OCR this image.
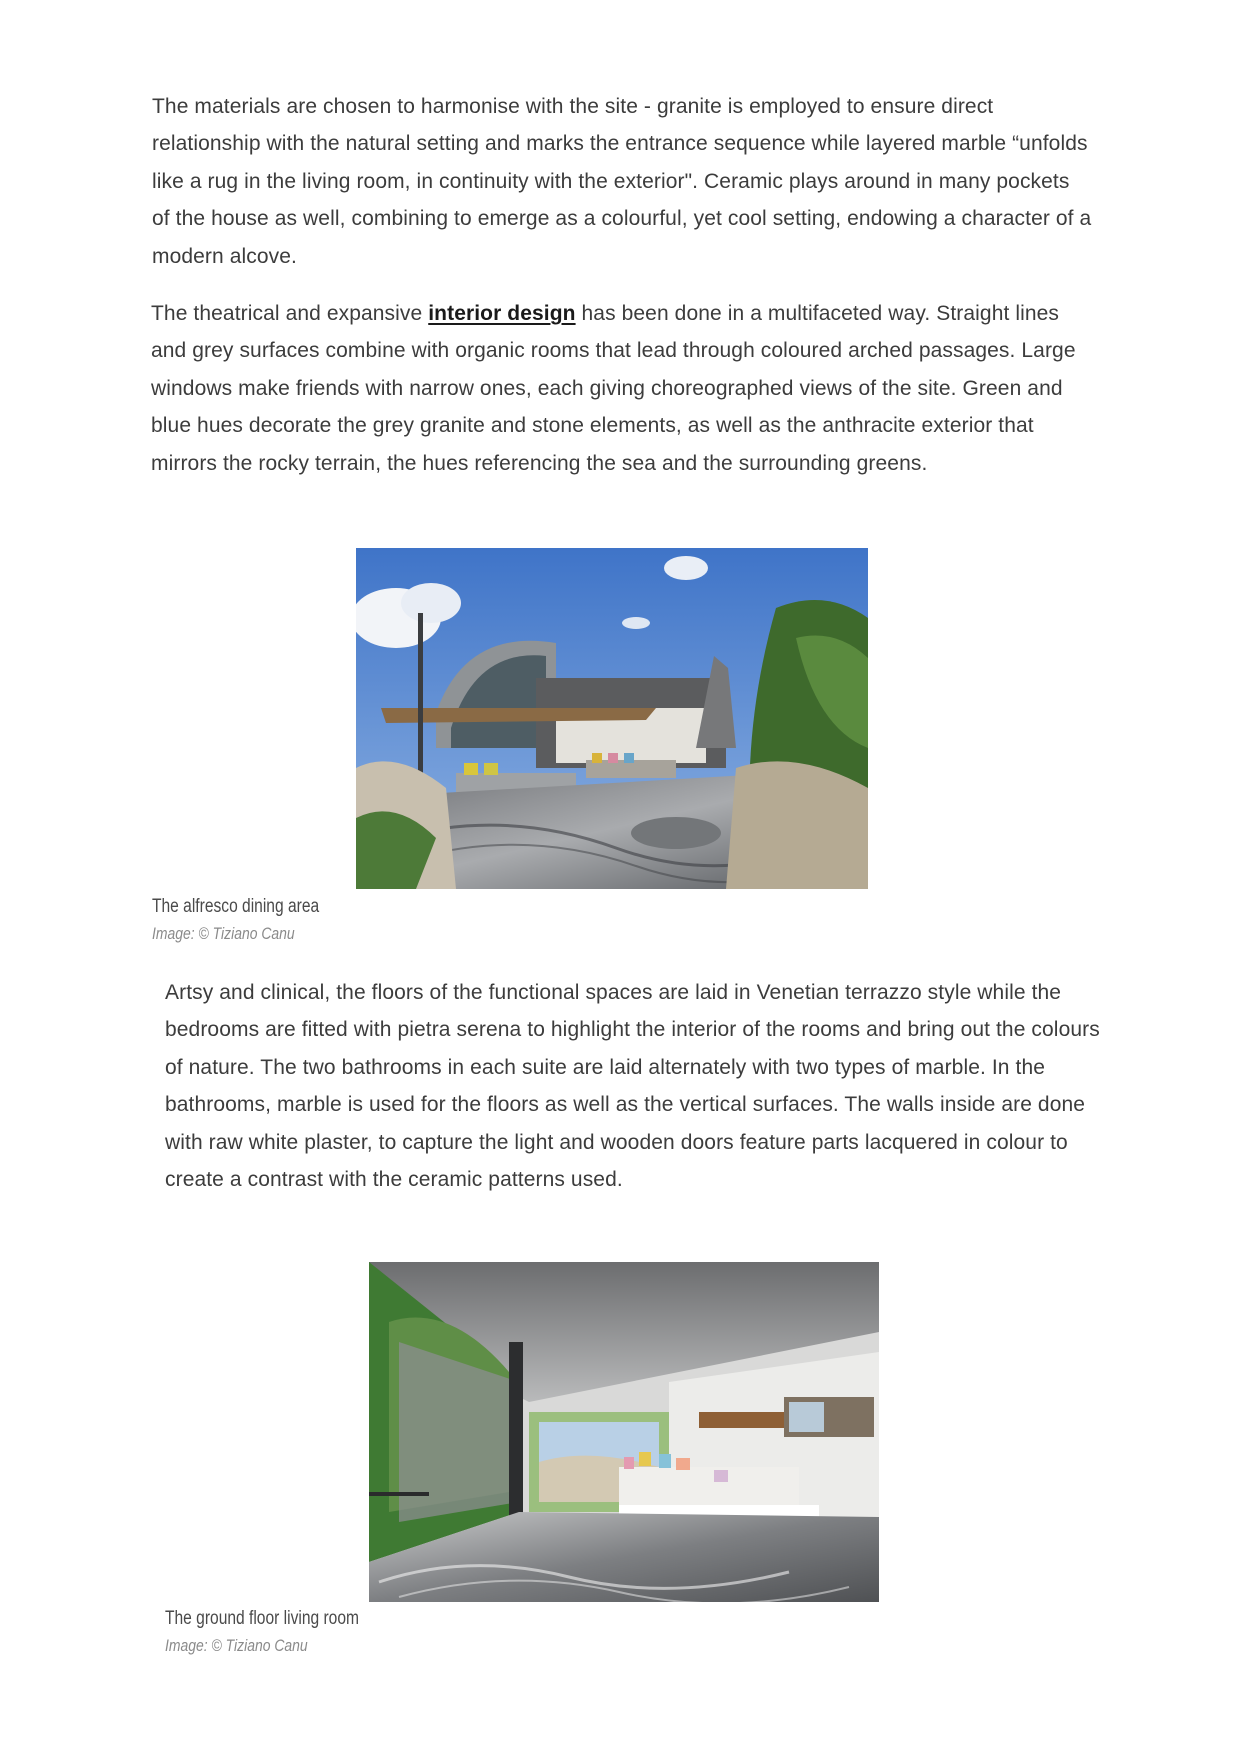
The materials are chosen to harmonise with the site - granite is employed to ensure direct relationship with the natural setting and marks the entrance sequence while layered marble “unfolds like a rug in the living room, in continuity with the exterior". Ceramic plays around in many pockets of the house as well, combining to emerge as a colourful, yet cool setting, endowing a character of a modern alcove.

The theatrical and expansive interior design has been done in a multifaceted way. Straight lines and grey surfaces combine with organic rooms that lead through coloured arched passages. Large windows make friends with narrow ones, each giving choreographed views of the site. Green and blue hues decorate the grey granite and stone elements, as well as the anthracite exterior that mirrors the rocky terrain, the hues referencing the sea and the surrounding greens.

The alfresco dining area
Image: © Tiziano Canu

Artsy and clinical, the floors of the functional spaces are laid in Venetian terrazzo style while the bedrooms are fitted with pietra serena to highlight the interior of the rooms and bring out the colours of nature. The two bathrooms in each suite are laid alternately with two types of marble. In the bathrooms, marble is used for the floors as well as the vertical surfaces. The walls inside are done with raw white plaster, to capture the light and wooden doors feature parts lacquered in colour to create a contrast with the ceramic patterns used.

The ground floor living room
Image: © Tiziano Canu
